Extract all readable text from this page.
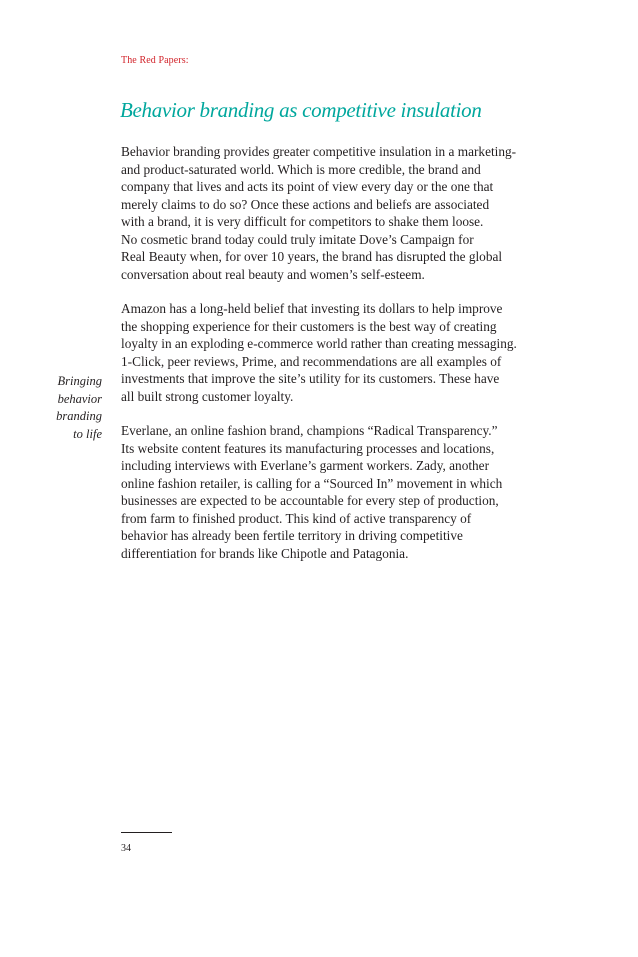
The Red Papers:
Behavior branding as competitive insulation
Bringing
behavior
branding
to life

Behavior branding provides greater competitive insulation in a marketing-
and product-saturated world. Which is more credible, the brand and
company that lives and acts its point of view every day or the one that
merely claims to do so? Once these actions and beliefs are associated
with a brand, it is very difficult for competitors to shake them loose.
No cosmetic brand today could truly imitate Dove’s Campaign for
Real Beauty when, for over 10 years, the brand has disrupted the global
conversation about real beauty and women’s self-esteem.

Amazon has a long-held belief that investing its dollars to help improve
the shopping experience for their customers is the best way of creating
loyalty in an exploding e-commerce world rather than creating messaging.
1-Click, peer reviews, Prime, and recommendations are all examples of
investments that improve the site’s utility for its customers. These have
all built strong customer loyalty.

Everlane, an online fashion brand, champions “Radical Transparency.”
Its website content features its manufacturing processes and locations,
including interviews with Everlane’s garment workers. Zady, another
online fashion retailer, is calling for a “Sourced In” movement in which
businesses are expected to be accountable for every step of production,
from farm to finished product. This kind of active transparency of
behavior has already been fertile territory in driving competitive
differentiation for brands like Chipotle and Patagonia.

34
